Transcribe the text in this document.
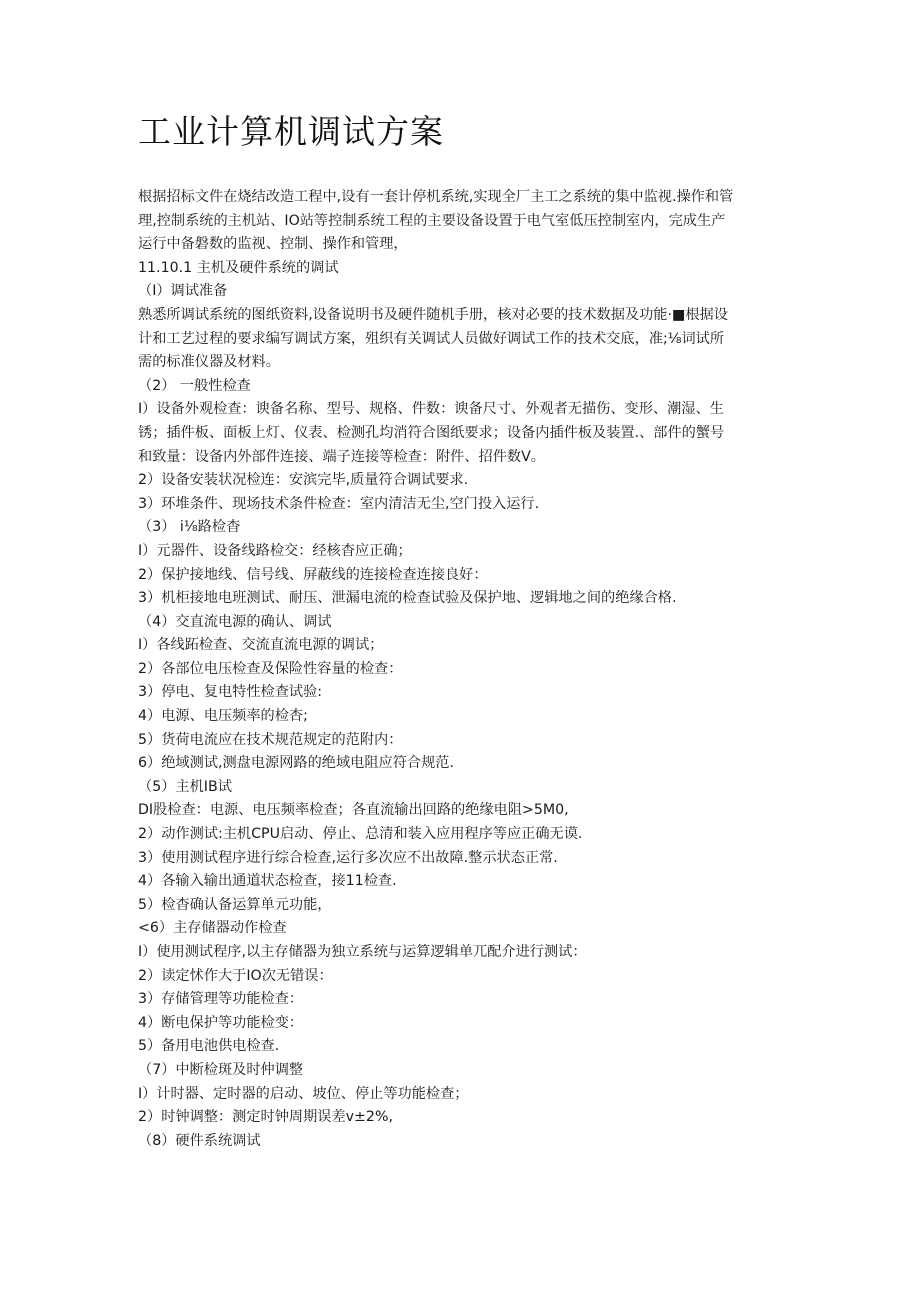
工业计算机调试方案

根据招标文件在烧结改造工程中,设有一套计停机系统,实现全厂主工之系统的集中监视.操作和管

理,控制系统的主机站、IO站等控制系统工程的主要设备设置于电气室低压控制室内，完成生产

运行中备磐数的监视、控制、操作和管理，

11.10.1 主机及硬件系统的调试

（I）调试准备

熟悉所调试系统的图纸资料,设备说明书及硬件随机手册，核对必要的技术数据及功能·■根据设

计和工艺过程的要求编写调试方案，殂织有关调试人员做好调试工作的技术交底，准;⅛词试所

需的标准仪器及材料。

（2） 一般性检查

I）设备外观检查：谀备名称、型号、规格、件数：谀备尺寸、外观者无描伤、变形、潮湿、生

锈；插件板、面板上灯、仪表、检测孔均消符合图纸要求；设备内插件板及装置.、部件的蟹号

和致量：设备内外部件连接、端子连接等检查：附件、招件数V。

2）设备安装状况检连：安滨完毕,质量符合调试要求.

3）环堆条件、现场技术条件检查：室内清洁无尘,空门投入运行.

（3） i⅛路检杳

I）元器件、设备线路检交：经核杳应正确；

2）保护接地线、信号线、屏蔽线的连接检查连接良好：

3）机柜接地电班测试、耐压、泄漏电流的检查试验及保护地、逻辑地之间的绝缘合格.

（4）交直流电源的确认、调试

I）各线跖检查、交流直流电源的调试；

2）各部位电压检查及保险性容量的检查：

3）停电、复电特性检查试验:

4）电源、电压频率的检杏;

5）货荷电流应在技术规范规定的范附内：

6）绝域测试,测盘电源网路的绝域电阻应符合规范.

（5）主机IB试

DI股检查：电源、电压频率检查；各直流输出回路的绝缘电阻>5M0,

2）动作测试:主机CPU启动、停止、总清和装入应用程序等应正确无谟.

3）使用测试程序进行综合检查,运行多次应不出故障.整示状态正常.

4）各输入输出通道状态检查，接11检查.

5）检杳确认备运算单元功能，

<6）主存储器动作检查

I）使用测试程序,以主存储器为独立系统与运算逻辑单兀配介进行测试：

2）读定怵作大于IO次无错误：

3）存储管理等功能检查：

4）断电保护等功能检变：

5）备用电池供电检查.

（7）中断检斑及时仲调整

I）计时器、定时器的启动、坡位、停止等功能检查；

2）时钟调整：测定时钟周期误差v±2%,

（8）硬件系统调试
